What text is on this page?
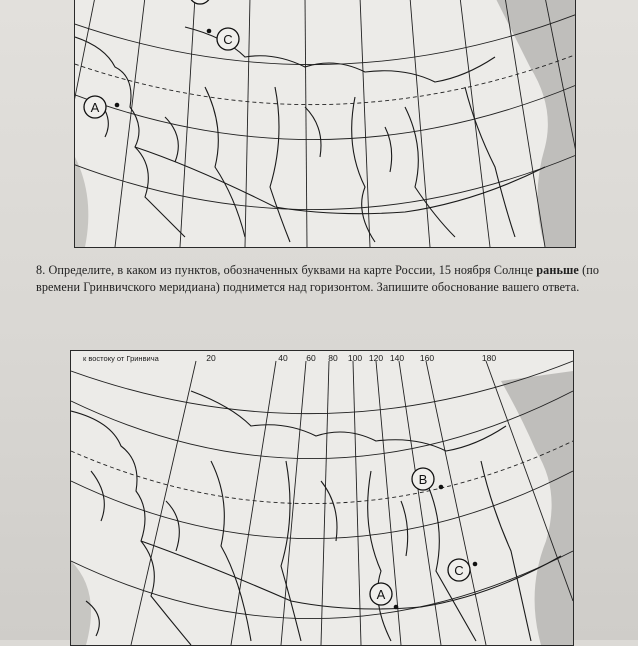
A
C

8. Определите, в каком из пунктов, обозначенных буквами на карте России, 15 ноября Солнце раньше (по времени Гринвичского меридиана) поднимется над горизонтом. Запишите обоснование вашего ответа.

к востоку от Гринвича	20	40 60 80 100 120 140 160	180
A
B
C
